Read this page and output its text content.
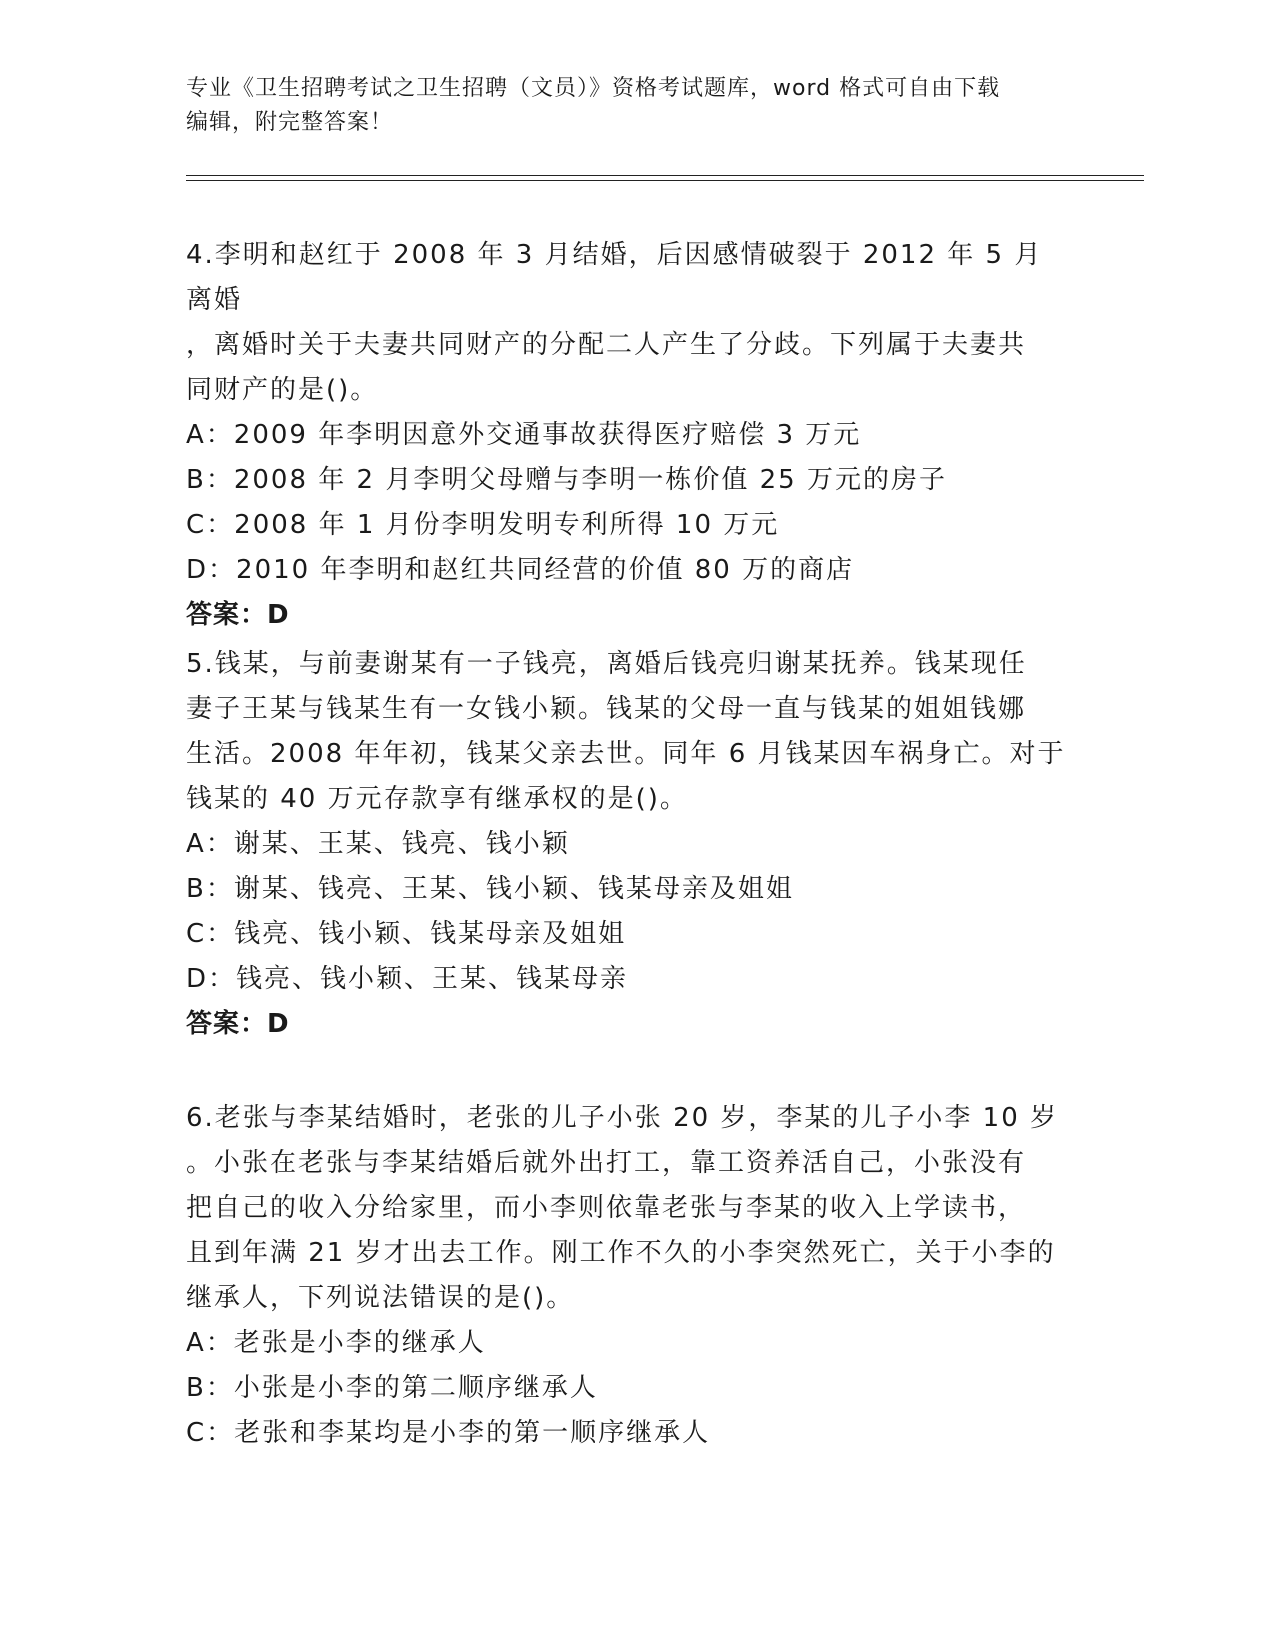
专业《卫生招聘考试之卫生招聘（文员）》资格考试题库，word 格式可自由下载
编辑，附完整答案！
4.李明和赵红于 2008 年 3 月结婚，后因感情破裂于 2012 年 5 月离婚
，离婚时关于夫妻共同财产的分配二人产生了分歧。下列属于夫妻共
同财产的是()。
A：2009 年李明因意外交通事故获得医疗赔偿 3 万元
B：2008 年 2 月李明父母赠与李明一栋价值 25 万元的房子
C：2008 年 1 月份李明发明专利所得 10 万元
D：2010 年李明和赵红共同经营的价值 80 万的商店
答案：D
5.钱某，与前妻谢某有一子钱亮，离婚后钱亮归谢某抚养。钱某现任
妻子王某与钱某生有一女钱小颖。钱某的父母一直与钱某的姐姐钱娜
生活。2008 年年初，钱某父亲去世。同年 6 月钱某因车祸身亡。对于
钱某的 40 万元存款享有继承权的是()。
A：谢某、王某、钱亮、钱小颖
B：谢某、钱亮、王某、钱小颖、钱某母亲及姐姐
C：钱亮、钱小颖、钱某母亲及姐姐
D：钱亮、钱小颖、王某、钱某母亲
答案：D
6.老张与李某结婚时，老张的儿子小张 20 岁，李某的儿子小李 10 岁
。小张在老张与李某结婚后就外出打工，靠工资养活自己，小张没有
把自己的收入分给家里，而小李则依靠老张与李某的收入上学读书，
且到年满 21 岁才出去工作。刚工作不久的小李突然死亡，关于小李的
继承人，下列说法错误的是()。
A：老张是小李的继承人
B：小张是小李的第二顺序继承人
C：老张和李某均是小李的第一顺序继承人
